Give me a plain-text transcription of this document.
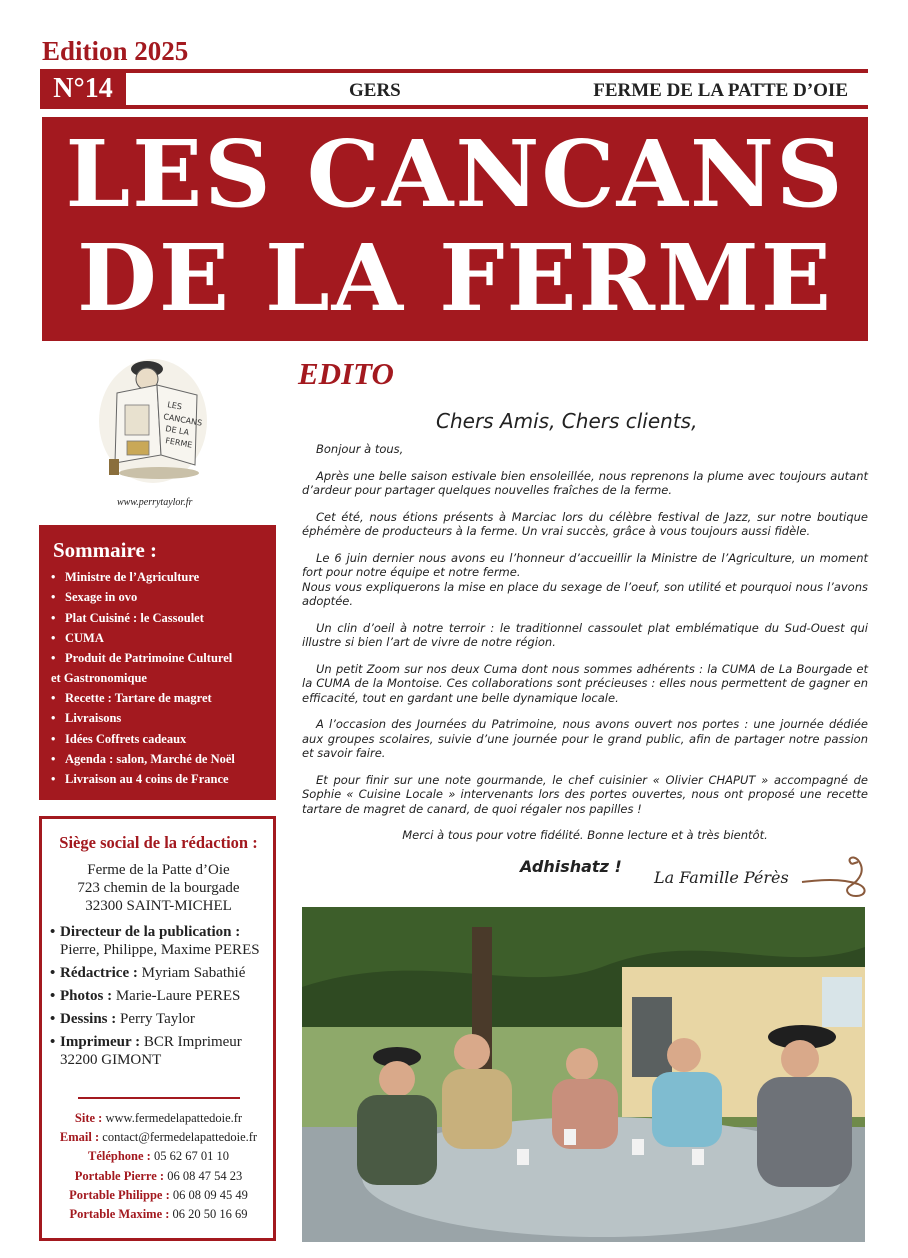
Edition 2025
N°14	GERS	FERME DE LA PATTE D’OIE
LES CANCANS
DE LA FERME
LES
CANCANS
DE LA
FERME
www.perrytaylor.fr
Sommaire :
• Ministre de l’Agriculture
• Sexage in ovo
• Plat Cuisiné : le Cassoulet
• CUMA
• Produit de Patrimoine Culturel
et Gastronomique
• Recette : Tartare de magret
• Livraisons
• Idées Coffrets cadeaux
• Agenda : salon, Marché de Noël
• Livraison au 4 coins de France
Siège social de la rédaction :
Ferme de la Patte d’Oie
723 chemin de la bourgade
32300 SAINT-MICHEL
• Directeur de la publication :
Pierre, Philippe, Maxime PERES
• Rédactrice : Myriam Sabathié
• Photos : Marie-Laure PERES
• Dessins : Perry Taylor
• Imprimeur : BCR Imprimeur
32200 GIMONT
Site : www.fermedelapattedoie.fr
Email : contact@fermedelapattedoie.fr
Téléphone : 05 62 67 01 10
Portable Pierre : 06 08 47 54 23
Portable Philippe : 06 08 09 45 49
Portable Maxime : 06 20 50 16 69
EDITO
Chers Amis, Chers clients,

Bonjour à tous,

Après une belle saison estivale bien ensoleillée, nous reprenons la plume avec toujours autant d’ardeur pour partager quelques nouvelles fraîches de la ferme.

Cet été, nous étions présents à Marciac lors du célèbre festival de Jazz, sur notre boutique éphémère de producteurs à la ferme. Un vrai succès, grâce à vous toujours aussi fidèle.

Le 6 juin dernier nous avons eu l’honneur d’accueillir la Ministre de l’Agriculture, un moment fort pour notre équipe et notre ferme.

Nous vous expliquerons la mise en place du sexage de l’oeuf, son utilité et pourquoi nous l’avons adoptée.

Un clin d’oeil à notre terroir : le traditionnel cassoulet plat emblématique du Sud-Ouest qui illustre si bien l’art de vivre de notre région.

Un petit Zoom sur nos deux Cuma dont nous sommes adhérents : la CUMA de La Bourgade et la CUMA de la Montoise. Ces collaborations sont précieuses : elles nous permettent de gagner en efficacité, tout en gardant une belle dynamique locale.

A l’occasion des Journées du Patrimoine, nous avons ouvert nos portes : une journée dédiée aux groupes scolaires, suivie d’une journée pour le grand public, afin de partager notre passion et savoir faire.

Et pour finir sur une note gourmande, le chef cuisinier « Olivier CHAPUT » accompagné de Sophie « Cuisine Locale » intervenants lors des portes ouvertes, nous ont proposé une recette tartare de magret de canard, de quoi régaler nos papilles !

Merci à tous pour votre fidélité. Bonne lecture et à très bientôt.

Adhishatz !
La Famille Pérès
